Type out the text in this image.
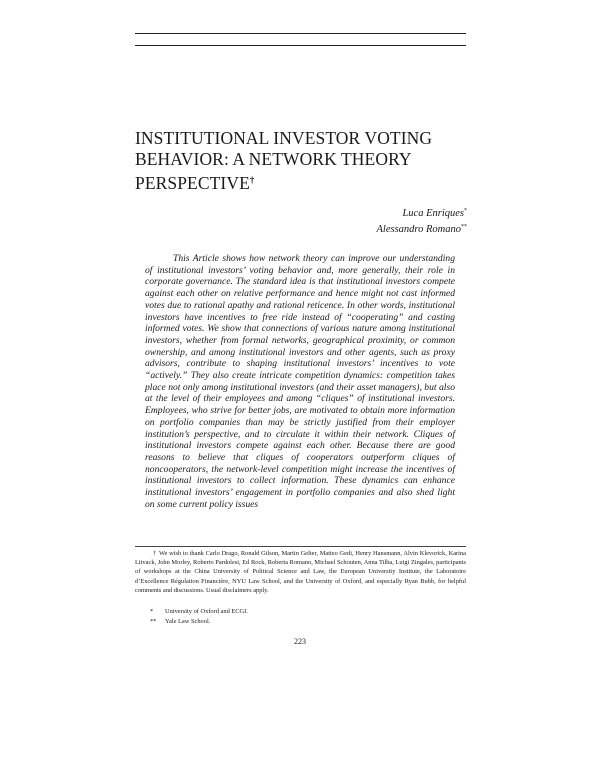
INSTITUTIONAL INVESTOR VOTING BEHAVIOR: A NETWORK THEORY PERSPECTIVE†
Luca Enriques*
Alessandro Romano**

This Article shows how network theory can improve our understanding of institutional investors’ voting behavior and, more generally, their role in corporate governance. The standard idea is that institutional investors compete against each other on relative performance and hence might not cast informed votes due to rational apathy and rational reticence. In other words, institutional investors have incentives to free ride instead of “cooperating” and casting informed votes. We show that connections of various nature among institutional investors, whether from formal networks, geographical proximity, or common ownership, and among institutional investors and other agents, such as proxy advisors, contribute to shaping institutional investors’ incentives to vote “actively.” They also create intricate competition dynamics: competition takes place not only among institutional investors (and their asset managers), but also at the level of their employees and among “cliques” of institutional investors. Employees, who strive for better jobs, are motivated to obtain more information on portfolio companies than may be strictly justified from their employer institution’s perspective, and to circulate it within their network. Cliques of institutional investors compete against each other. Because there are good reasons to believe that cliques of cooperators outperform cliques of noncooperators, the network-level competition might increase the incentives of institutional investors to collect information. These dynamics can enhance institutional investors’ engagement in portfolio companies and also shed light on some current policy issues

† We wish to thank Carlo Drago, Ronald Gilson, Martin Gelter, Matteo Gedi, Henry Hansmann, Alvin Klevorick, Karina Litvack, John Morley, Roberto Pardolesi, Ed Rock, Roberta Romano, Michael Schouten, Anna Tilba, Luigi Zingales, participants of workshops at the China University of Political Science and Law, the European University Institute, the Laboratoire d’Excellence Régulation Financière, NYU Law School, and the University of Oxford, and especially Ryan Bubb, for helpful comments and discussions. Usual disclaimers apply.

* University of Oxford and ECGI.

** Yale Law School.

223
